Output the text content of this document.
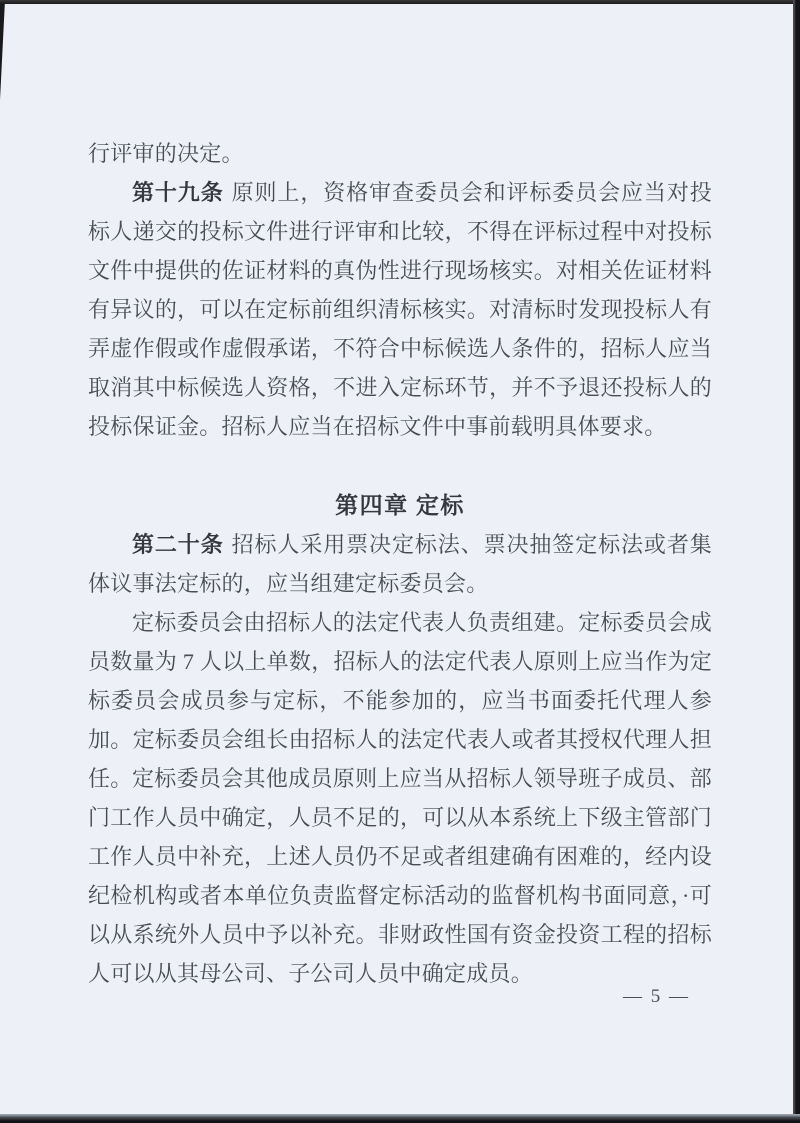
行评审的决定。

第十九条 原则上，资格审查委员会和评标委员会应当对投标人递交的投标文件进行评审和比较，不得在评标过程中对投标文件中提供的佐证材料的真伪性进行现场核实。对相关佐证材料有异议的，可以在定标前组织清标核实。对清标时发现投标人有弄虚作假或作虚假承诺，不符合中标候选人条件的，招标人应当取消其中标候选人资格，不进入定标环节，并不予退还投标人的投标保证金。招标人应当在招标文件中事前载明具体要求。

第四章 定标

第二十条 招标人采用票决定标法、票决抽签定标法或者集体议事法定标的，应当组建定标委员会。

定标委员会由招标人的法定代表人负责组建。定标委员会成员数量为 7 人以上单数，招标人的法定代表人原则上应当作为定标委员会成员参与定标，不能参加的，应当书面委托代理人参加。定标委员会组长由招标人的法定代表人或者其授权代理人担任。 定标委员会其他成员原则上应当从招标人领导班子成员、部门工作人员中确定，人员不足的，可以从本系统上下级主管部门工作人员中补充，上述人员仍不足或者组建确有困难的，经内设纪检机构或者本单位负责监督定标活动的监督机构书面同意，·可以从系统外人员中予以补充。非财政性国有资金投资工程的招标人可以从其母公司、子公司人员中确定成员。

— 5 —
